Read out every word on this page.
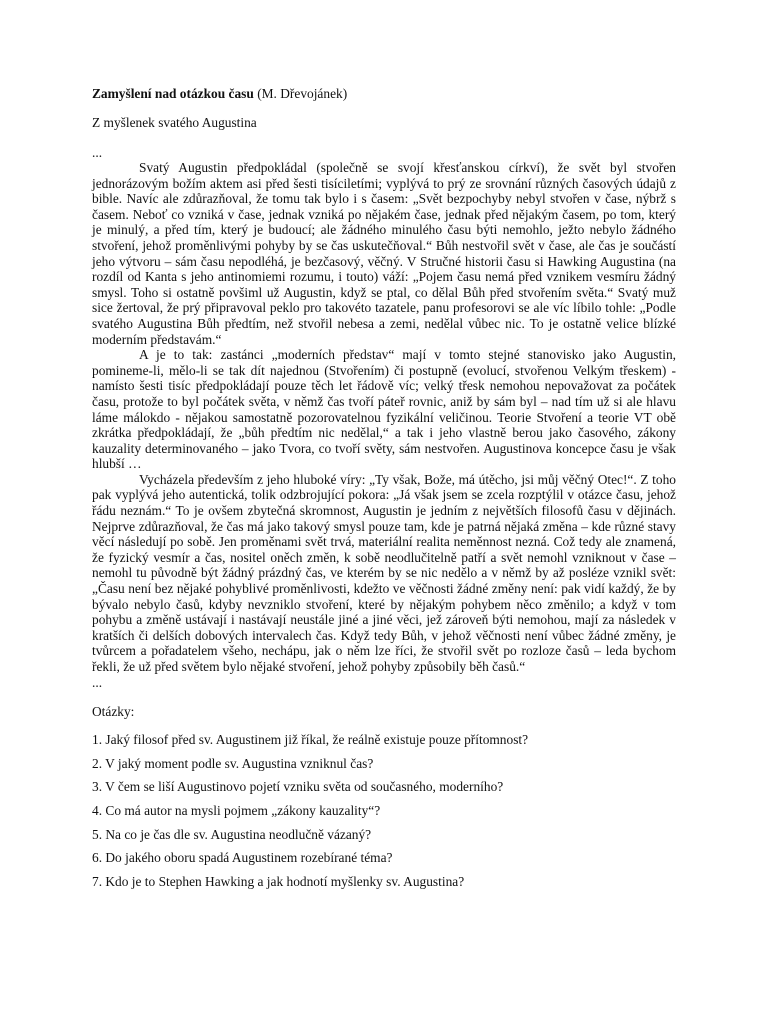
Zamyšlení nad otázkou času (M. Dřevojánek)

Z myšlenek svatého Augustina

...

Svatý Augustin předpokládal (společně se svojí křesťanskou církví), že svět byl stvořen jednorázovým božím aktem asi před šesti tisíciletími; vyplývá to prý ze srovnání různých časových údajů z bible. Navíc ale zdůrazňoval, že tomu tak bylo i s časem: „Svět bezpochyby nebyl stvořen v čase, nýbrž s časem. Neboť co vzniká v čase, jednak vzniká po nějakém čase, jednak před nějakým časem, po tom, který je minulý, a před tím, který je budoucí; ale žádného minulého času býti nemohlo, ježto nebylo žádného stvoření, jehož proměnlivými pohyby by se čas uskutečňoval.“ Bůh nestvořil svět v čase, ale čas je součástí jeho výtvoru – sám času nepodléhá, je bezčasový, věčný. V Stručné historii času si Hawking Augustina (na rozdíl od Kanta s jeho antinomiemi rozumu, i touto) váží: „Pojem času nemá před vznikem vesmíru žádný smysl. Toho si ostatně povšiml už Augustin, když se ptal, co dělal Bůh před stvořením světa.“ Svatý muž sice žertoval, že prý připravoval peklo pro takovéto tazatele, panu profesorovi se ale víc líbilo tohle: „Podle svatého Augustina Bůh předtím, než stvořil nebesa a zemi, nedělal vůbec nic. To je ostatně velice blízké moderním představám.“

A je to tak: zastánci „moderních představ“ mají v tomto stejné stanovisko jako Augustin, pomineme-li, mělo-li se tak dít najednou (Stvořením) či postupně (evolucí, stvořenou Velkým třeskem) - namísto šesti tisíc předpokládají pouze těch let řádově víc; velký třesk nemohou nepovažovat za počátek času, protože to byl počátek světa, v němž čas tvoří páteř rovnic, aniž by sám byl – nad tím už si ale hlavu láme málokdo - nějakou samostatně pozorovatelnou fyzikální veličinou. Teorie Stvoření a teorie VT obě zkrátka předpokládají, že „bůh předtím nic nedělal,“ a tak i jeho vlastně berou jako časového, zákony kauzality determinovaného – jako Tvora, co tvoří světy, sám nestvořen. Augustinova koncepce času je však hlubší …

Vycházela především z jeho hluboké víry: „Ty však, Bože, má útěcho, jsi můj věčný Otec!“. Z toho pak vyplývá jeho autentická, tolik odzbrojující pokora: „Já však jsem se zcela rozptýlil v otázce času, jehož řádu neznám.“ To je ovšem zbytečná skromnost, Augustin je jedním z největších filosofů času v dějinách. Nejprve zdůrazňoval, že čas má jako takový smysl pouze tam, kde je patrná nějaká změna – kde různé stavy věcí následují po sobě. Jen proměnami svět trvá, materiální realita neměnnost nezná. Což tedy ale znamená, že fyzický vesmír a čas, nositel oněch změn, k sobě neodlučitelně patří a svět nemohl vzniknout v čase – nemohl tu původně být žádný prázdný čas, ve kterém by se nic nedělo a v němž by až posléze vznikl svět: „Času není bez nějaké pohyblivé proměnlivosti, kdežto ve věčnosti žádné změny není: pak vidí každý, že by bývalo nebylo časů, kdyby nevzniklo stvoření, které by nějakým pohybem něco změnilo; a když v tom pohybu a změně ustávají i nastávají neustále jiné a jiné věci, jež zároveň býti nemohou, mají za následek v kratších či delších dobových intervalech čas. Když tedy Bůh, v jehož věčnosti není vůbec žádné změny, je tvůrcem a pořadatelem všeho, nechápu, jak o něm lze říci, že stvořil svět po rozloze časů – leda bychom řekli, že už před světem bylo nějaké stvoření, jehož pohyby způsobily běh časů.“

...

Otázky:

1. Jaký filosof před sv. Augustinem již říkal, že reálně existuje pouze přítomnost?
2. V jaký moment podle sv. Augustina vzniknul čas?
3. V čem se liší Augustinovo pojetí vzniku světa od současného, moderního?
4. Co má autor na mysli pojmem „zákony kauzality“?
5. Na co je čas dle sv. Augustina neodlučně vázaný?
6. Do jakého oboru spadá Augustinem rozebírané téma?
7. Kdo je to Stephen Hawking a jak hodnotí myšlenky sv. Augustina?
